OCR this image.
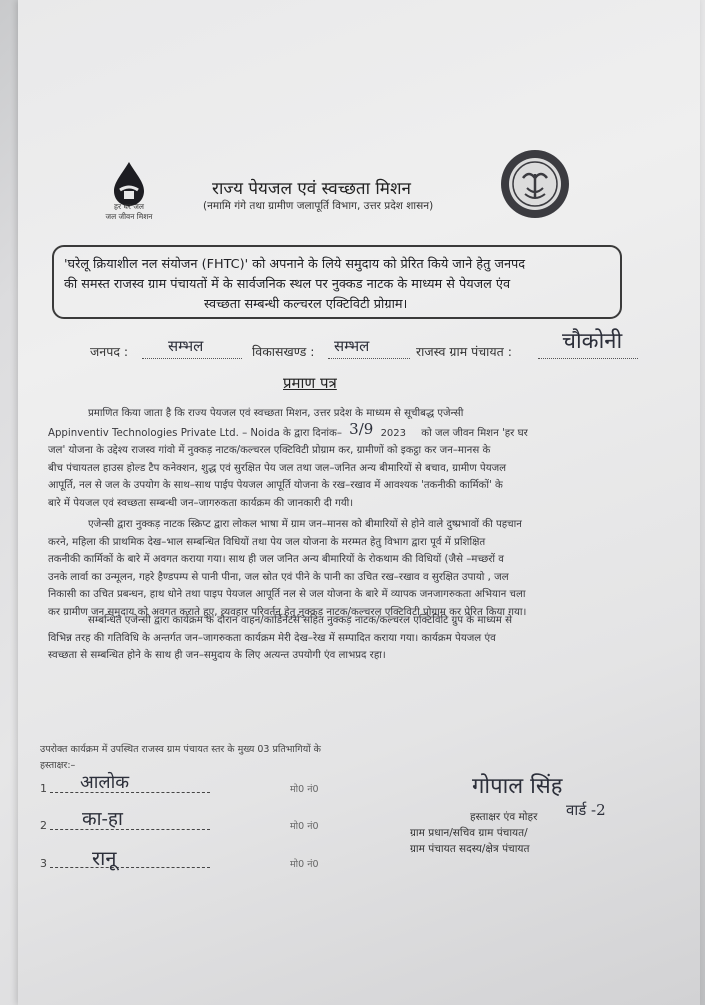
हर घर जल
जल जीवन मिशन
राज्य पेयजल एवं स्वच्छता मिशन
(नमामि गंगे तथा ग्रामीण जलापूर्ति विभाग, उत्तर प्रदेश शासन)
'घरेलू क्रियाशील नल संयोजन (FHTC)' को अपनाने के लिये समुदाय को प्रेरित किये जाने हेतु जनपद
की समस्त राजस्व ग्राम पंचायतों में के सार्वजनिक स्थल पर नुक्कड नाटक के माध्यम से पेयजल एंव
स्वच्छता सम्बन्धी कल्चरल एक्टिविटी प्रोग्राम।
जनपद :	सम्भल	विकासखण्ड : सम्भल	राजस्व ग्राम पंचायत : चौकोनी
प्रमाण पत्र
प्रमाणित किया जाता है कि राज्य पेयजल एवं स्वच्छता मिशन, उत्तर प्रदेश के माध्यम से सूचीबद्ध एजेन्सी
Appinventiv Technologies Private Ltd. – Noida के द्वारा दिनांक– 3/9 2023 को जल जीवन मिशन 'हर घर
जल' योजना के उद्देश्य राजस्व गांवो में नुक्कड़ नाटक/कल्चरल एक्टिविटी प्रोग्राम कर, ग्रामीणों को इकट्ठा कर जन–मानस के
बीच पंचायतल हाउस होल्ड टैप कनेक्शन, शुद्ध एवं सुरक्षित पेय जल तथा जल–जनित अन्य बीमारियों से बचाव, ग्रामीण पेयजल
आपूर्ति, नल से जल के उपयोग के साथ–साथ पाईप पेयजल आपूर्ति योजना के रख–रखाव में आवश्यक 'तकनीकी कार्मिकों' के
बारे में पेयजल एवं स्वच्छता सम्बन्धी जन–जागरुकता कार्यक्रम की जानकारी दी गयी।
एजेन्सी द्वारा नुक्कड़ नाटक स्क्रिप्ट द्वारा लोकल भाषा में ग्राम जन–मानस को बीमारियों से होने वाले दुष्प्रभावों की पहचान
करने, महिला की प्राथमिक देख–भाल सम्बन्धित विधियों तथा पेय जल योजना के मरम्मत हेतु विभाग द्वारा पूर्व में प्रशिक्षित
तकनीकी कार्मिकों के बारे में अवगत कराया गया। साथ ही जल जनित अन्य बीमारियों के रोकथाम की विधियों (जैसे –मच्छरों व
उनके लार्वा का उन्मूलन, गहरे हैण्डपम्प से पानी पीना, जल स्रोत एवं पीने के पानी का उचित रख–रखाव व सुरक्षित उपायो , जल
निकासी का उचित प्रबन्धन, हाथ धोने तथा पाइप पेयजल आपूर्ति नल से जल योजना के बारे में व्यापक जनजागरुकता अभियान चला
कर ग्रामीण जन समुदाय को अवगत कराते हुए, व्यवहार परिवर्तन हेतु नुक्कड़ नाटक/कल्चरल एक्टिविटी प्रोग्राम कर प्रेरित किया गया।
सम्बन्धित एजेन्सी द्वारा कार्यक्रम के दौरान वाहन/कार्डिनेटर्स सहित नुक्कड़ नाटक/कल्चरल एक्टिविटि ग्रुप के माध्यम से
विभिन्न तरह की गतिविधि के अन्तर्गत जन–जागरुकता कार्यक्रम मेरी देख–रेख में सम्पादित कराया गया। कार्यक्रम पेयजल एंव
स्वच्छता से सम्बन्धित होने के साथ ही जन–समुदाय के लिए अत्यन्त उपयोगी एंव लाभप्रद रहा।
उपरोक्त कार्यक्रम में उपस्थित राजस्व ग्राम पंचायत स्तर के मुख्य 03 प्रतिभागियों के
हस्ताक्षर:–
1 आलोक	मो0 नं0
2 का-हा	मो0 नं0
3 रानू	मो0 नं0
गोपाल सिंह
वार्ड -2
हस्ताक्षर एंव मोहर
ग्राम प्रधान/सचिव ग्राम पंचायत/
ग्राम पंचायत सदस्य/क्षेत्र पंचायत
